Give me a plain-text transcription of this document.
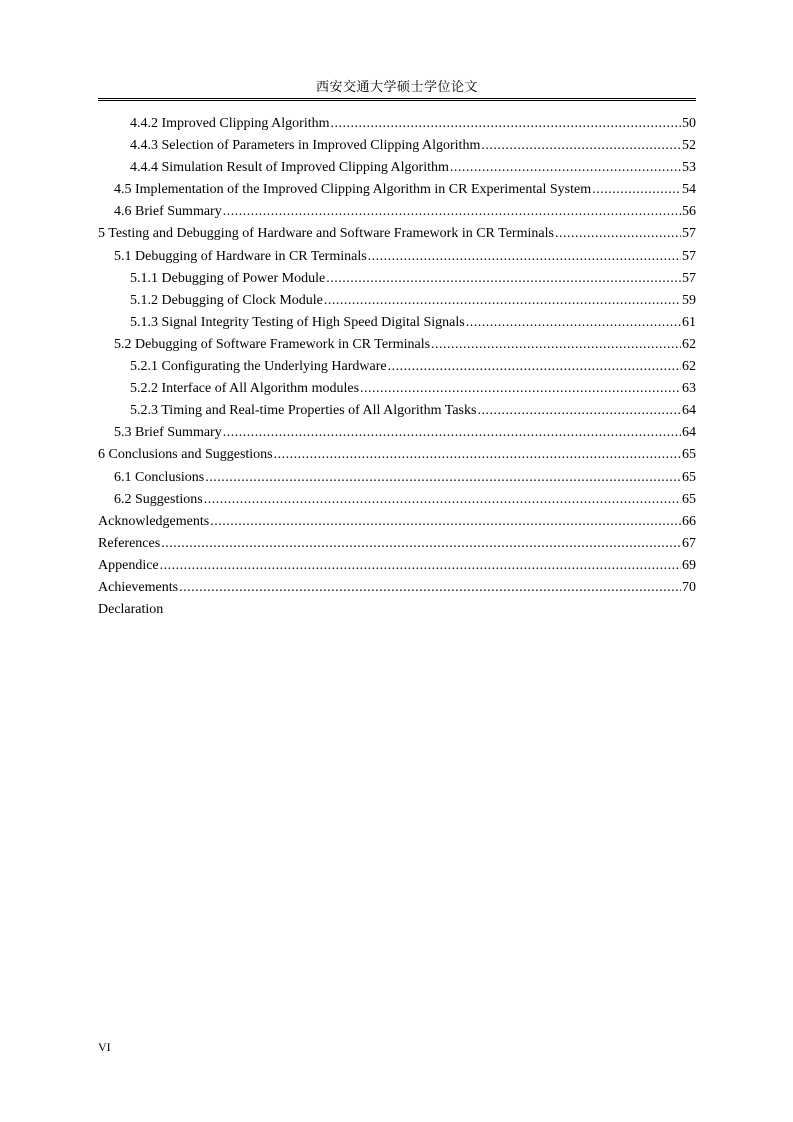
西安交通大学硕士学位论文
4.4.2 Improved Clipping Algorithm .....	50
4.4.3 Selection of Parameters in Improved Clipping Algorithm .....	52
4.4.4 Simulation Result of Improved Clipping Algorithm .....	53
4.5 Implementation of the Improved Clipping Algorithm in CR Experimental System .....	54
4.6 Brief Summary .....	56
5 Testing and Debugging of Hardware and Software Framework in CR Terminals .....	57
5.1 Debugging of Hardware in CR Terminals .....	57
5.1.1 Debugging of Power Module .....	57
5.1.2 Debugging of Clock Module .....	59
5.1.3 Signal Integrity Testing of High Speed Digital Signals .....	61
5.2 Debugging of Software Framework in CR Terminals .....	62
5.2.1 Configurating the Underlying Hardware .....	62
5.2.2 Interface of All Algorithm modules .....	63
5.2.3 Timing and Real-time Properties of All Algorithm Tasks .....	64
5.3 Brief Summary .....	64
6 Conclusions and Suggestions .....	65
6.1 Conclusions .....	65
6.2 Suggestions .....	65
Acknowledgements .....	66
References .....	67
Appendice .....	69
Achievements .....	70
Declaration
VI
